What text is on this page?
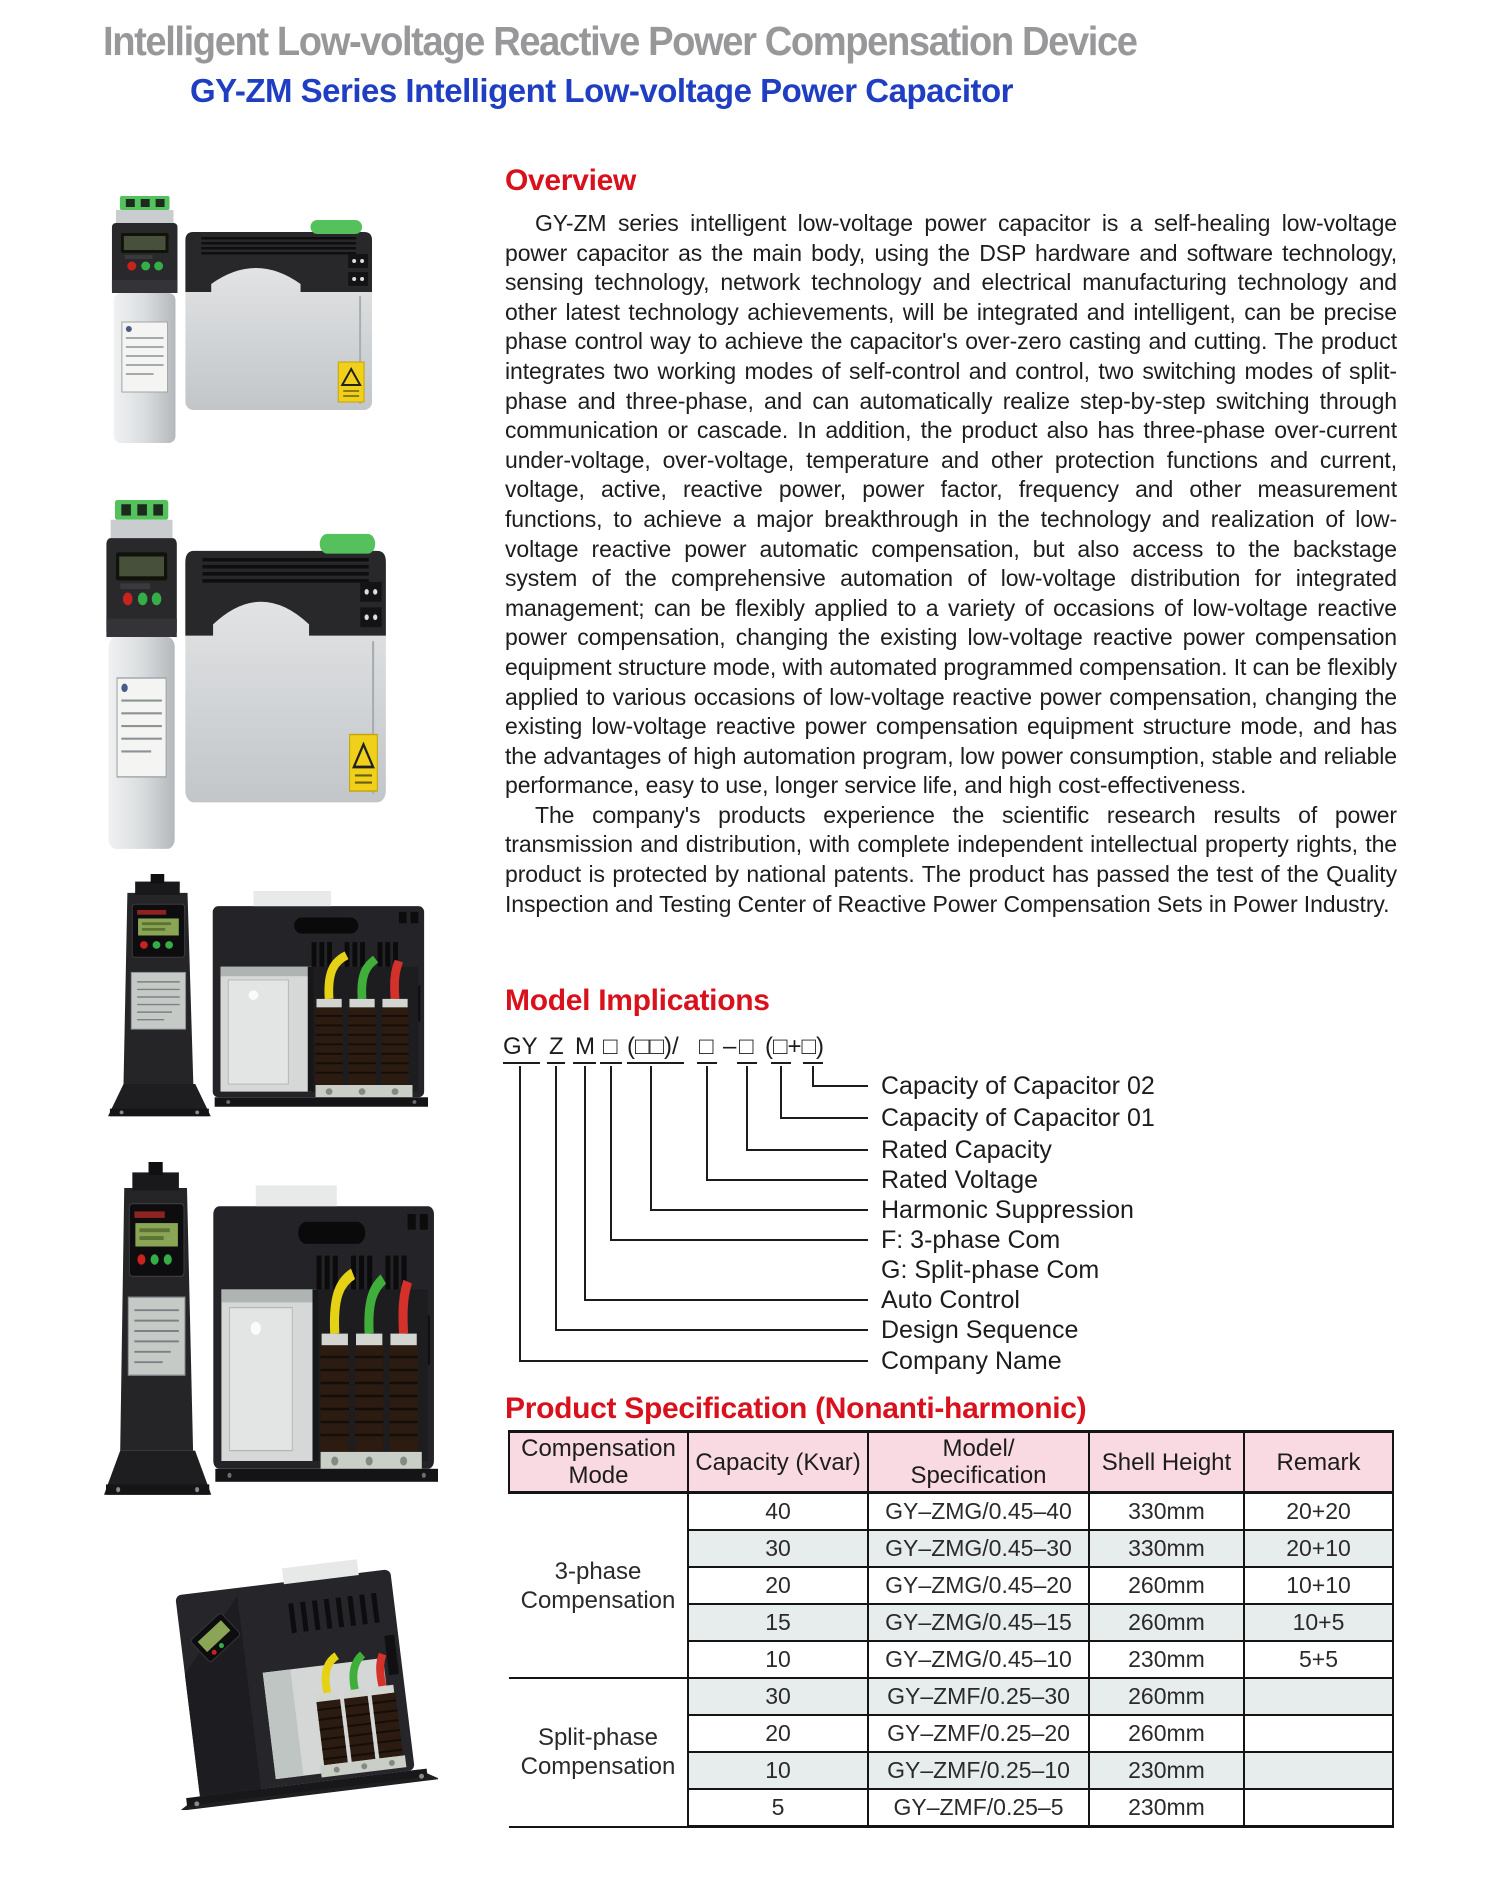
Intelligent Low-voltage Reactive Power Compensation Device
GY-ZM Series Intelligent Low-voltage Power Capacitor
Overview

GY-ZM series intelligent low-voltage power capacitor is a self-healing low-voltage power capacitor as the main body, using the DSP hardware and software technology, sensing technology, network technology and electrical manufacturing technology and other latest technology achievements, will be integrated and intelligent, can be precise phase control way to achieve the capacitor's over-zero casting and cutting. The product integrates two working modes of self-control and control, two switching modes of split-phase and three-phase, and can automatically realize step-by-step switching through communication or cascade. In addition, the product also has three-phase over-current under-voltage, over-voltage, temperature and other protection functions and current, voltage, active, reactive power, power factor, frequency and other measurement functions, to achieve a major breakthrough in the technology and realization of low-voltage reactive power automatic compensation, but also access to the backstage system of the comprehensive automation of low-voltage distribution for integrated management; can be flexibly applied to a variety of occasions of low-voltage reactive power compensation, changing the existing low-voltage reactive power compensation equipment structure mode, with automated programmed compensation. It can be flexibly applied to various occasions of low-voltage reactive power compensation, changing the existing low-voltage reactive power compensation equipment structure mode, and has the advantages of high automation program, low power consumption, stable and reliable performance, easy to use, longer service life, and high cost-effectiveness.

The company's products experience the scientific research results of power transmission and distribution, with complete independent intellectual property rights, the product is protected by national patents. The product has passed the test of the Quality Inspection and Testing Center of Reactive Power Compensation Sets in Power Industry.

Model Implications
GY Z M □ (□□)/ □ – □ (□+□)
Capacity of Capacitor 02
Capacity of Capacitor 01
Rated Capacity
Rated Voltage
Harmonic Suppression
F: 3-phase Com
G: Split-phase Com
Auto Control
Design Sequence
Company Name
Product Specification (Nonanti-harmonic)
Compensation Mode	Capacity (Kvar)	Model/ Specification	Shell Height	Remark
3-phase Compensation	40	GY–ZMG/0.45–40	330mm	20+20
	30	GY–ZMG/0.45–30	330mm	20+10
	20	GY–ZMG/0.45–20	260mm	10+10
	15	GY–ZMG/0.45–15	260mm	10+5
	10	GY–ZMG/0.45–10	230mm	5+5
Split-phase Compensation	30	GY–ZMF/0.25–30	260mm	
	20	GY–ZMF/0.25–20	260mm	
	10	GY–ZMF/0.25–10	230mm	
	5	GY–ZMF/0.25–5	230mm	
